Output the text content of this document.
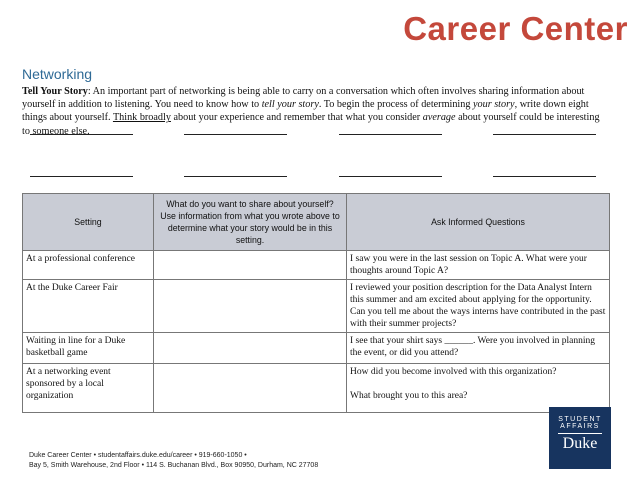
Career Center
Networking
Tell Your Story: An important part of networking is being able to carry on a conversation which often involves sharing information about yourself in addition to listening. You need to know how to tell your story. To begin the process of determining your story, write down eight things about yourself. Think broadly about your experience and remember that what you consider average about yourself could be interesting to someone else.
Setting	What do you want to share about yourself? Use information from what you wrote above to determine what your story would be in this setting.	Ask Informed Questions
At a professional conference		I saw you were in the last session on Topic A. What were your thoughts around Topic A?

At the Duke Career Fair		I reviewed your position description for the Data Analyst Intern this summer and am excited about applying for the opportunity. Can you tell me about the ways interns have contributed in the past with their summer projects?

Waiting in line for a Duke basketball game		I see that your shirt says ______. Were you involved in planning the event, or did you attend?

At a networking event sponsored by a local organization		How did you become involved with this organization?

What brought you to this area?

Duke Career Center • studentaffairs.duke.edu/career • 919-660-1050 •
Bay 5, Smith Warehouse, 2nd Floor • 114 S. Buchanan Blvd., Box 90950, Durham, NC 27708
STUDENT
AFFAIRS
Duke
